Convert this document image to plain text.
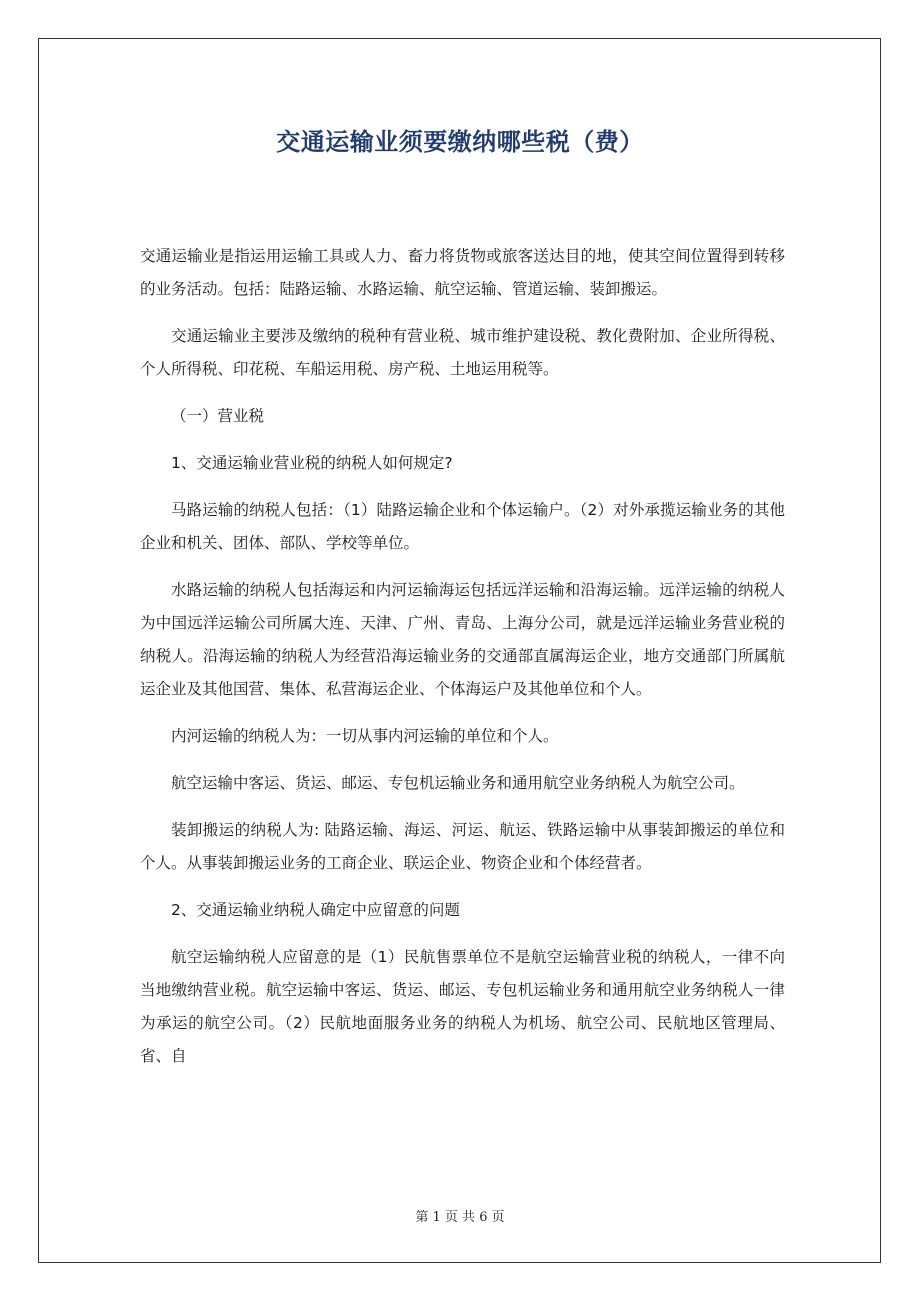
交通运输业须要缴纳哪些税（费）

交通运输业是指运用运输工具或人力、畜力将货物或旅客送达目的地，使其空间位置得到转移的业务活动。包括：陆路运输、水路运输、航空运输、管道运输、装卸搬运。

交通运输业主要涉及缴纳的税种有营业税、城市维护建设税、教化费附加、企业所得税、个人所得税、印花税、车船运用税、房产税、土地运用税等。

（一）营业税

1、交通运输业营业税的纳税人如何规定?

马路运输的纳税人包括：（1）陆路运输企业和个体运输户。（2）对外承揽运输业务的其他企业和机关、团体、部队、学校等单位。

水路运输的纳税人包括海运和内河运输海运包括远洋运输和沿海运输。远洋运输的纳税人为中国远洋运输公司所属大连、天津、广州、青岛、上海分公司，就是远洋运输业务营业税的纳税人。沿海运输的纳税人为经营沿海运输业务的交通部直属海运企业，地方交通部门所属航运企业及其他国营、集体、私营海运企业、个体海运户及其他单位和个人。

内河运输的纳税人为：一切从事内河运输的单位和个人。

航空运输中客运、货运、邮运、专包机运输业务和通用航空业务纳税人为航空公司。

装卸搬运的纳税人为: 陆路运输、海运、河运、航运、铁路运输中从事装卸搬运的单位和个人。从事装卸搬运业务的工商企业、联运企业、物资企业和个体经营者。

2、交通运输业纳税人确定中应留意的问题

航空运输纳税人应留意的是（1）民航售票单位不是航空运输营业税的纳税人，一律不向当地缴纳营业税。航空运输中客运、货运、邮运、专包机运输业务和通用航空业务纳税人一律为承运的航空公司。（2）民航地面服务业务的纳税人为机场、航空公司、民航地区管理局、省、自

第 1 页 共 6 页
